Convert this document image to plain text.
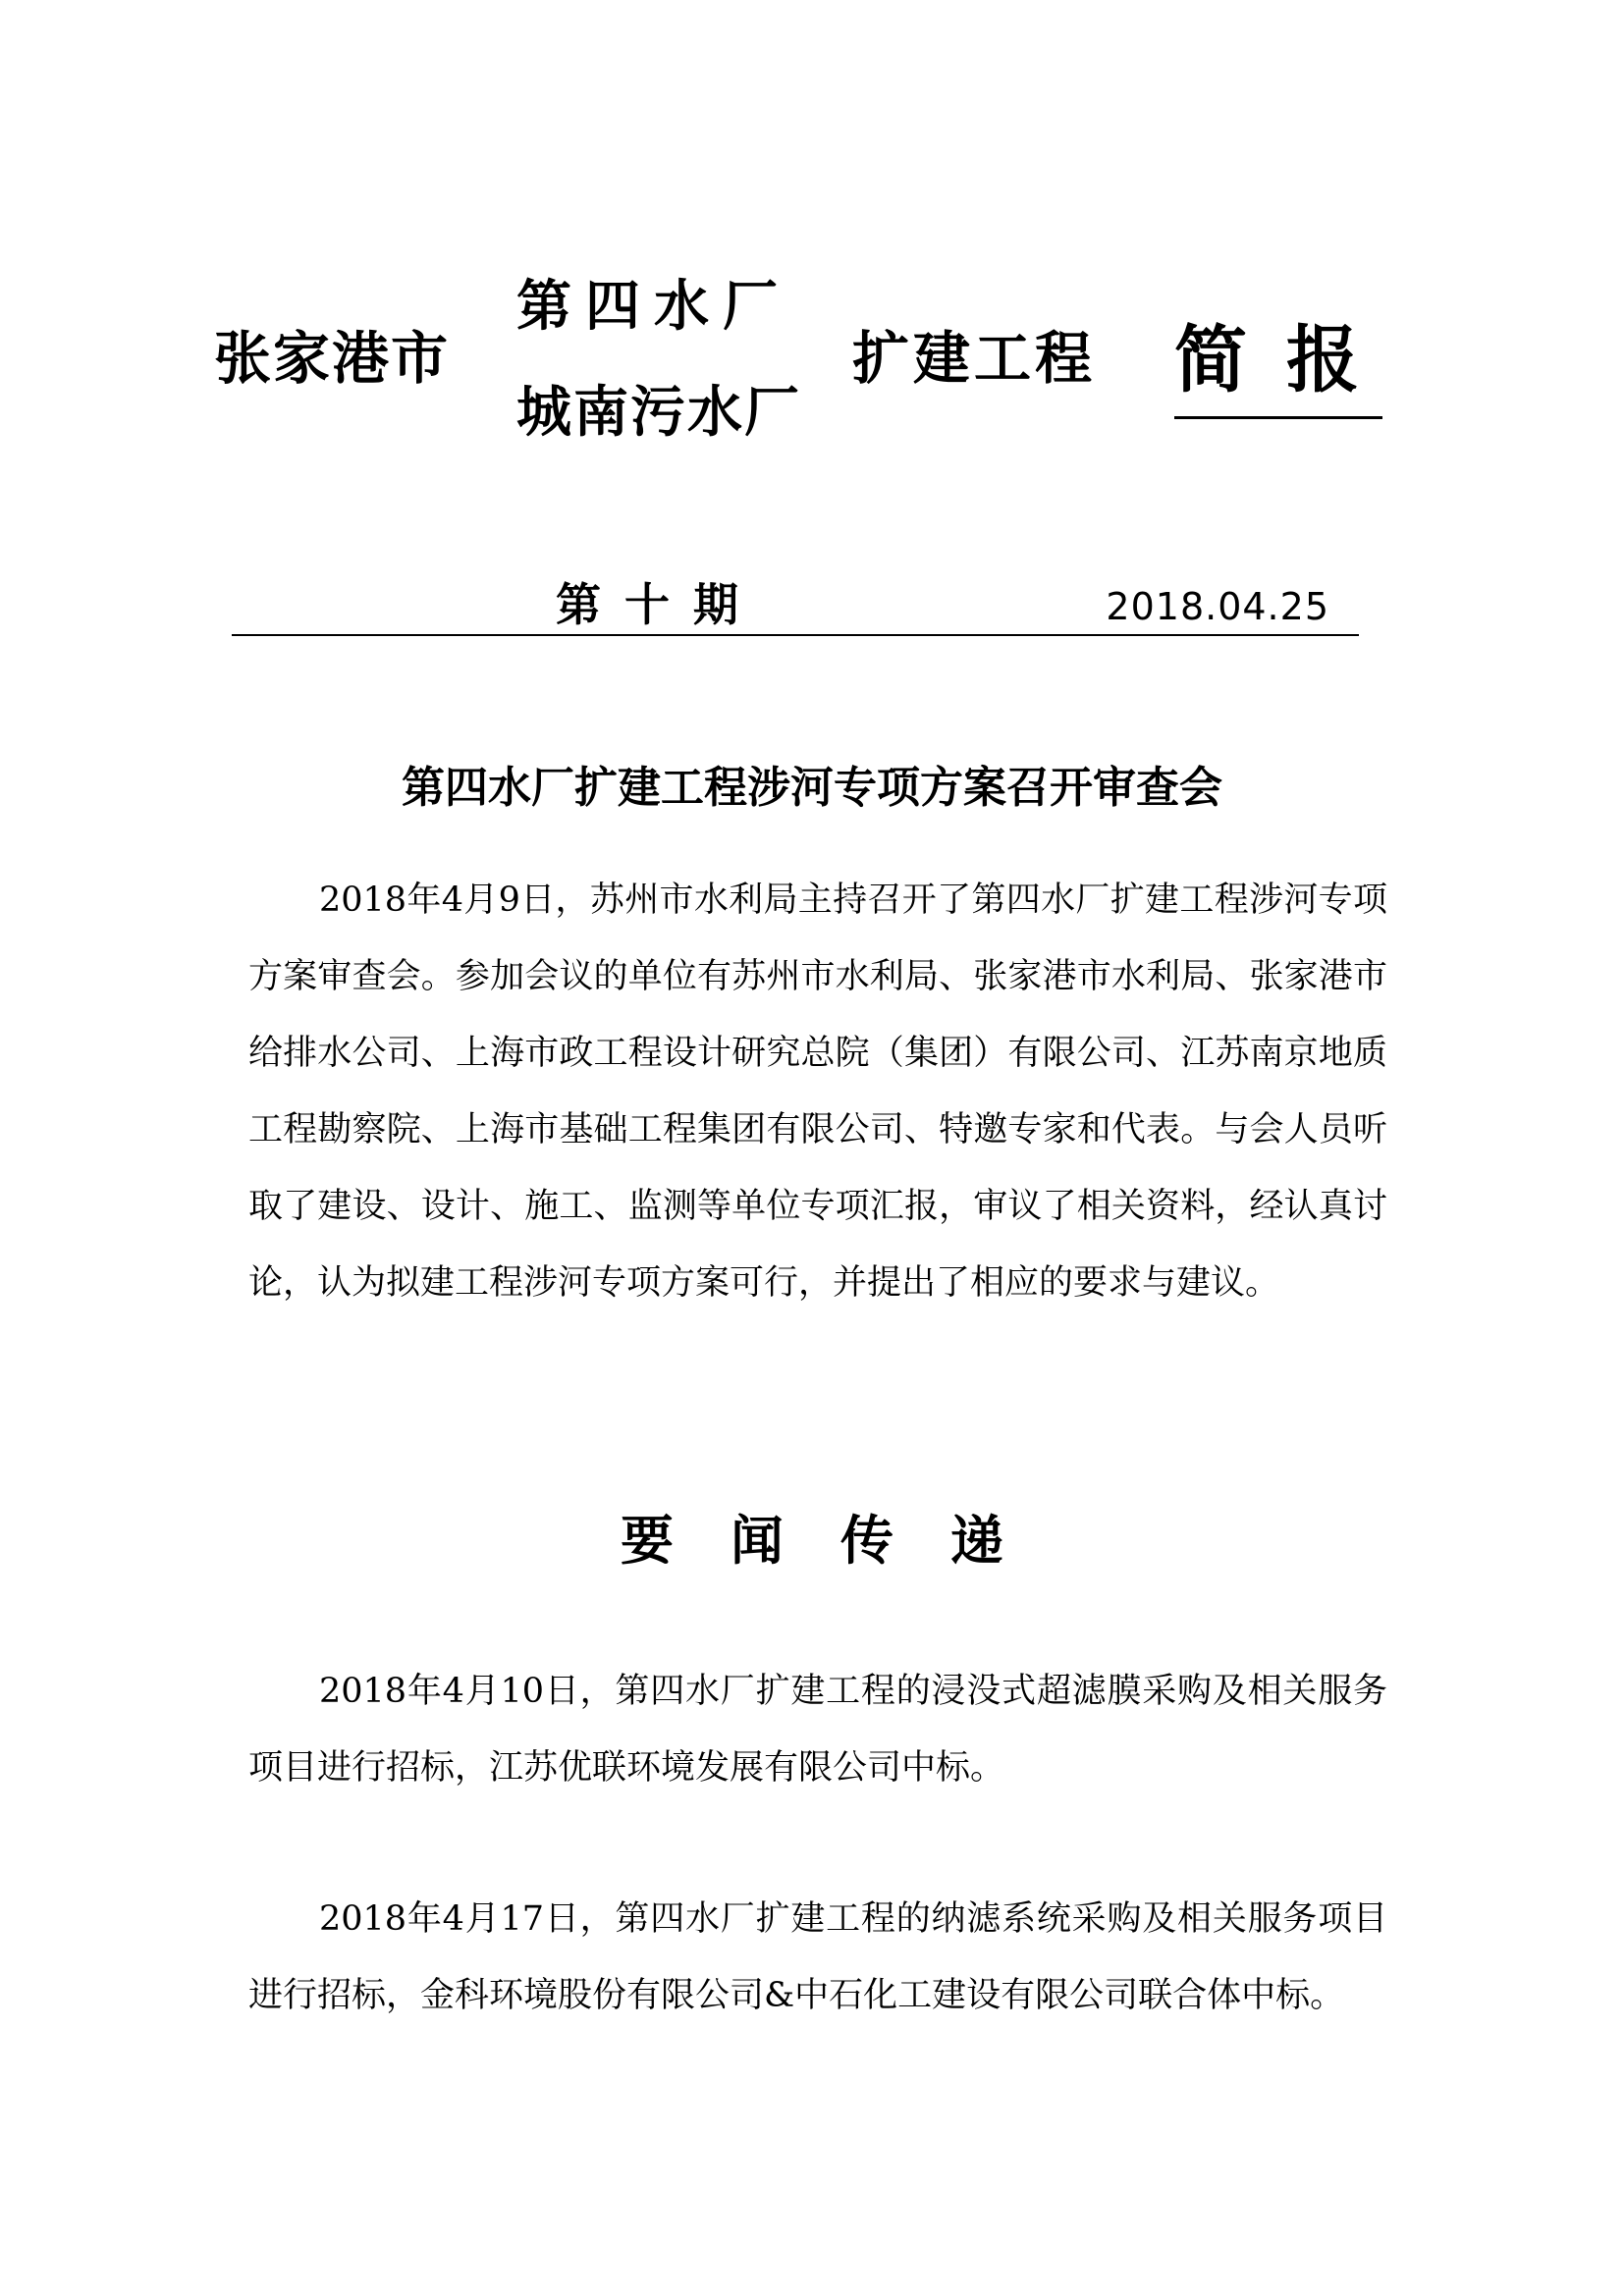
张家港市
第四水厂
城南污水厂
扩建工程 简报
第十期	2018.04.25
第四水厂扩建工程涉河专项方案召开审查会

2018年4月9日，苏州市水利局主持召开了第四水厂扩建工程涉河专项方案审查会。参加会议的单位有苏州市水利局、张家港市水利局、张家港市给排水公司、上海市政工程设计研究总院（集团）有限公司、江苏南京地质工程勘察院、上海市基础工程集团有限公司、特邀专家和代表。与会人员听取了建设、设计、施工、监测等单位专项汇报，审议了相关资料，经认真讨论，认为拟建工程涉河专项方案可行，并提出了相应的要求与建议。

要闻传递

2018年4月10日，第四水厂扩建工程的浸没式超滤膜采购及相关服务项目进行招标，江苏优联环境发展有限公司中标。

2018年4月17日，第四水厂扩建工程的纳滤系统采购及相关服务项目进行招标，金科环境股份有限公司&中石化工建设有限公司联合体中标。
